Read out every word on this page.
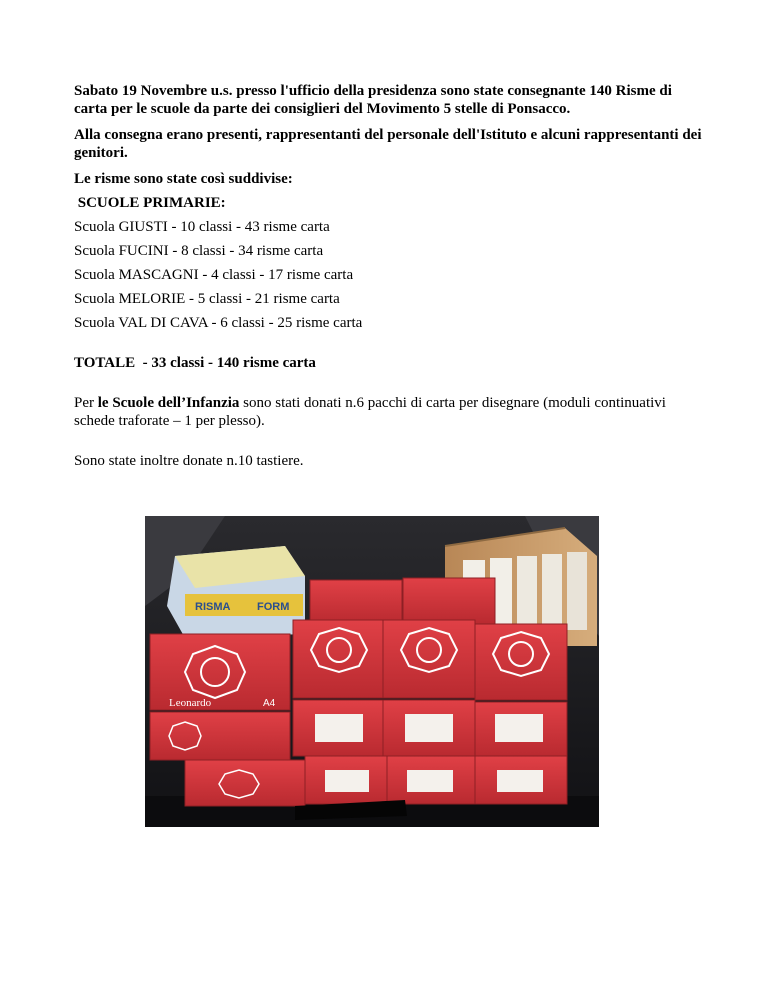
Sabato 19 Novembre u.s. presso l'ufficio della presidenza sono state consegnante 140 Risme di carta per le scuole da parte dei consiglieri del Movimento 5 stelle di Ponsacco.

Alla consegna erano presenti, rappresentanti del personale dell'Istituto e alcuni rappresentanti dei genitori.

Le risme sono state così suddivise:

SCUOLE PRIMARIE:

Scuola GIUSTI - 10 classi - 43 risme carta

Scuola FUCINI - 8 classi - 34 risme carta

Scuola MASCAGNI - 4 classi - 17 risme carta

Scuola MELORIE - 5 classi - 21 risme carta

Scuola VAL DI CAVA - 6 classi - 25 risme carta

TOTALE  - 33 classi - 140 risme carta

Per le Scuole dell’Infanzia sono stati donati n.6 pacchi di carta per disegnare (moduli continuativi schede traforate – 1 per plesso).

Sono state inoltre donate n.10 tastiere.

RISMA FORM
Leonardo	A4
